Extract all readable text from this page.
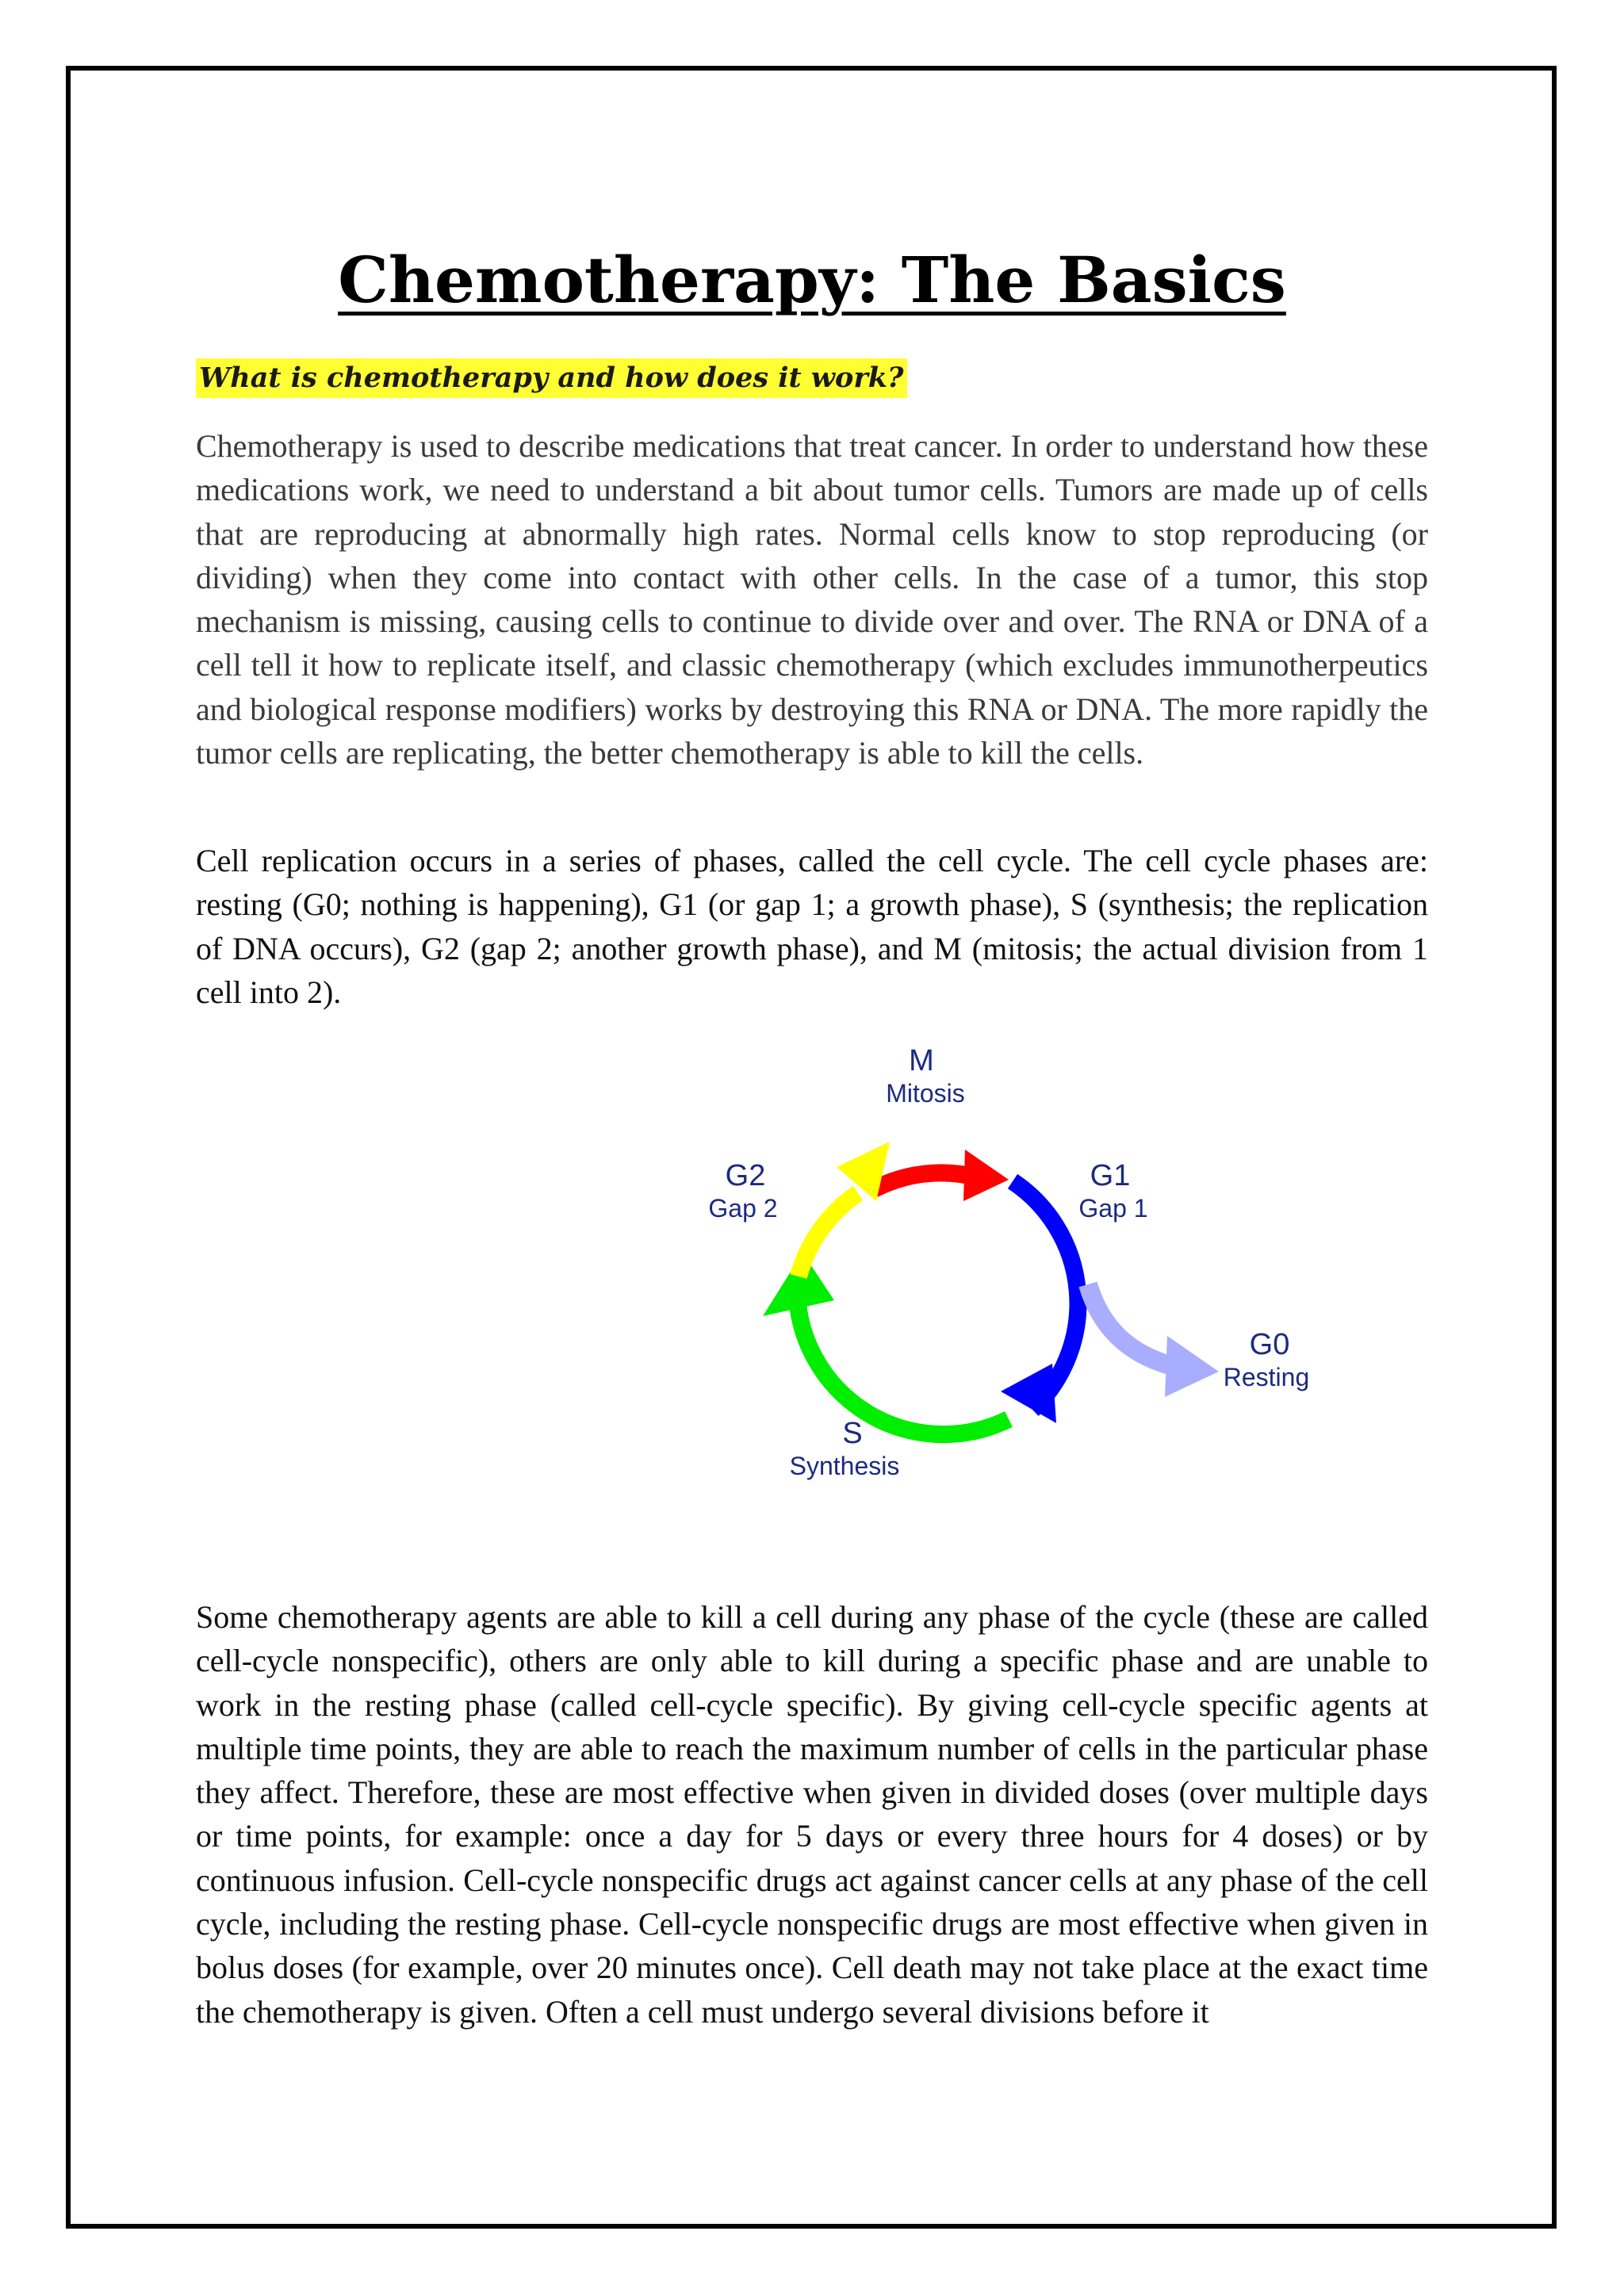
Chemotherapy: The Basics

What is chemotherapy and how does it work?

Chemotherapy is used to describe medications that treat cancer. In order to understand how these medications work, we need to understand a bit about tumor cells. Tumors are made up of cells that are reproducing at abnormally high rates. Normal cells know to stop reproducing (or dividing) when they come into contact with other cells. In the case of a tumor, this stop mechanism is missing, causing cells to continue to divide over and over. The RNA or DNA of a cell tell it how to replicate itself, and classic chemotherapy (which excludes immunotherpeutics and biological response modifiers) works by destroying this RNA or DNA. The more rapidly the tumor cells are replicating, the better chemotherapy is able to kill the cells.

Cell replication occurs in a series of phases, called the cell cycle. The cell cycle phases are: resting (G0; nothing is happening), G1 (or gap 1; a growth phase), S (synthesis; the replication of DNA occurs), G2 (gap 2; another growth phase), and M (mitosis; the actual division from 1 cell into 2).

M
Mitosis
G1
Gap 1
G2
Gap 2
G0
Resting
S
Synthesis

Some chemotherapy agents are able to kill a cell during any phase of the cycle (these are called cell-cycle nonspecific), others are only able to kill during a specific phase and are unable to work in the resting phase (called cell-cycle specific). By giving cell-cycle specific agents at multiple time points, they are able to reach the maximum number of cells in the particular phase they affect. Therefore, these are most effective when given in divided doses (over multiple days or time points, for example: once a day for 5 days or every three hours for 4 doses) or by continuous infusion. Cell-cycle nonspecific drugs act against cancer cells at any phase of the cell cycle, including the resting phase. Cell-cycle nonspecific drugs are most effective when given in bolus doses (for example, over 20 minutes once). Cell death may not take place at the exact time the chemotherapy is given. Often a cell must undergo several divisions before it
